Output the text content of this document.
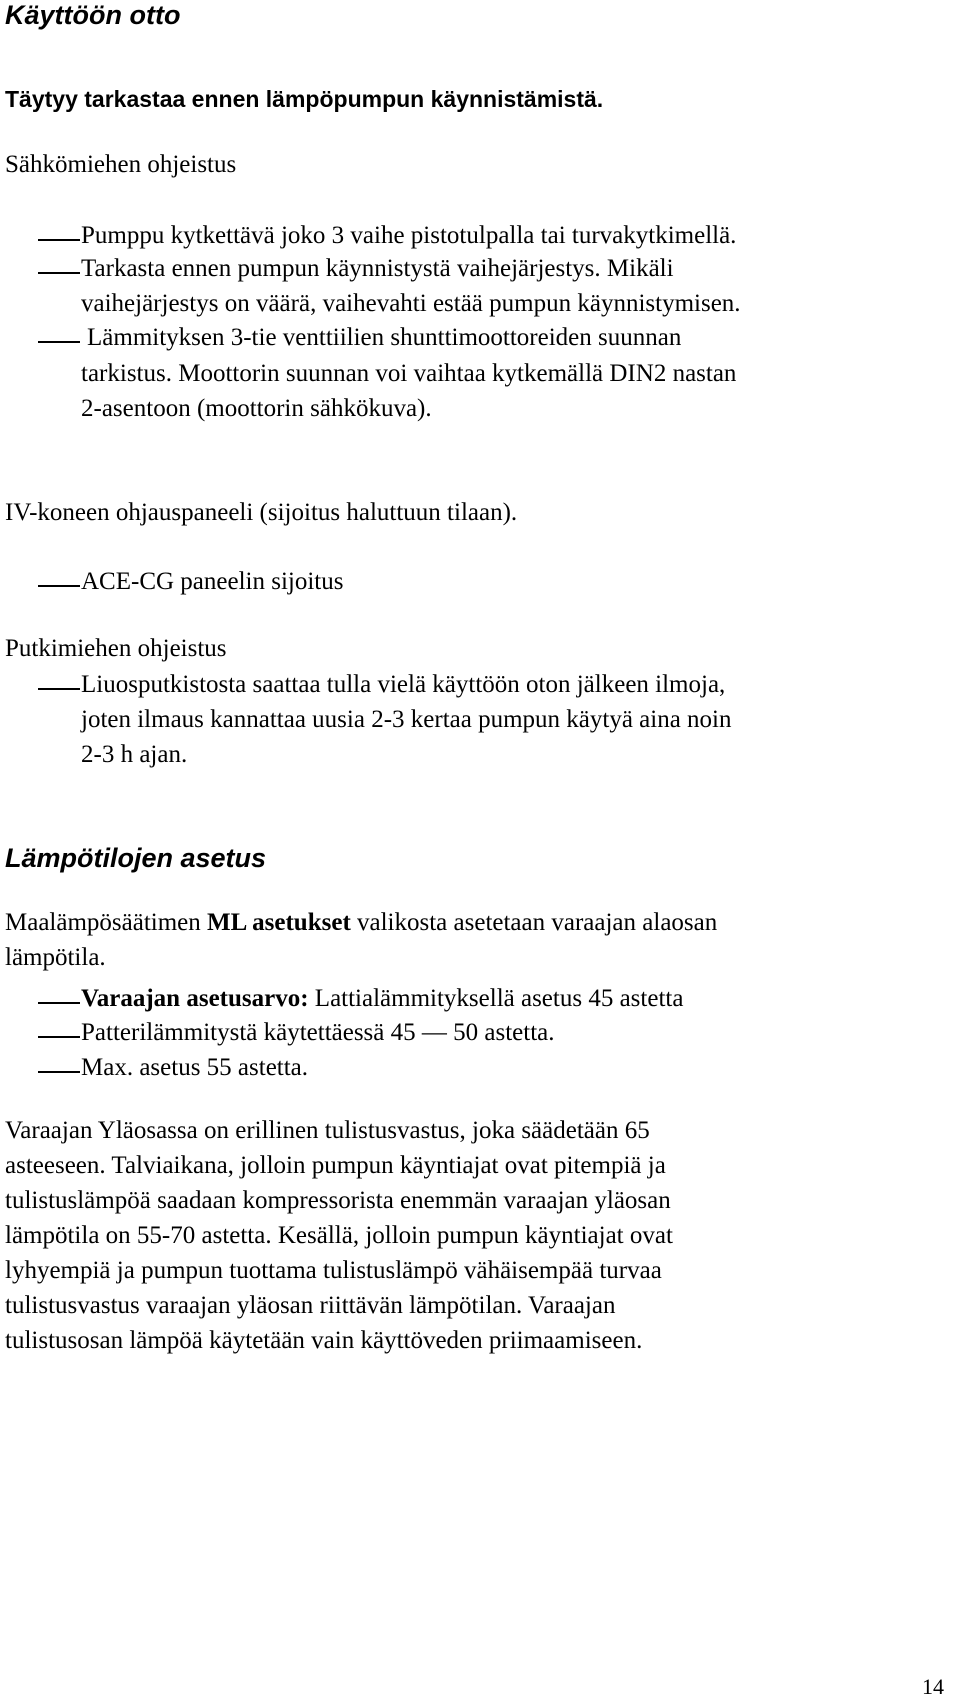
Käyttöön otto
Täytyy tarkastaa ennen lämpöpumpun käynnistämistä.
Sähkömiehen ohjeistus
Pumppu kytkettävä joko 3 vaihe pistotulpalla tai turvakytkimellä.
Tarkasta ennen pumpun käynnistystä vaihejärjestys. Mikäli
vaihejärjestys on väärä, vaihevahti estää pumpun käynnistymisen.
Lämmityksen 3-tie venttiilien shunttimoottoreiden suunnan
tarkistus. Moottorin suunnan voi vaihtaa kytkemällä DIN2 nastan
2-asentoon (moottorin sähkökuva).
IV-koneen ohjauspaneeli (sijoitus haluttuun tilaan).
ACE-CG paneelin sijoitus
Putkimiehen ohjeistus
Liuosputkistosta saattaa tulla vielä käyttöön oton jälkeen ilmoja,
joten ilmaus kannattaa uusia 2-3 kertaa pumpun käytyä aina noin
2-3 h ajan.
Lämpötilojen asetus
Maalämpösäätimen ML asetukset valikosta asetetaan varaajan alaosan
lämpötila.
Varaajan asetusarvo: Lattialämmityksellä asetus 45 astetta
Patterilämmitystä käytettäessä 45 — 50 astetta.
Max. asetus 55 astetta.
Varaajan Yläosassa on erillinen tulistusvastus, joka säädetään 65
asteeseen. Talviaikana, jolloin pumpun käyntiajat ovat pitempiä ja
tulistuslämpöä saadaan kompressorista enemmän varaajan yläosan
lämpötila on 55-70 astetta. Kesällä, jolloin pumpun käyntiajat ovat
lyhyempiä ja pumpun tuottama tulistuslämpö vähäisempää turvaa
tulistusvastus varaajan yläosan riittävän lämpötilan. Varaajan
tulistusosan lämpöä käytetään vain käyttöveden priimaamiseen.
14
